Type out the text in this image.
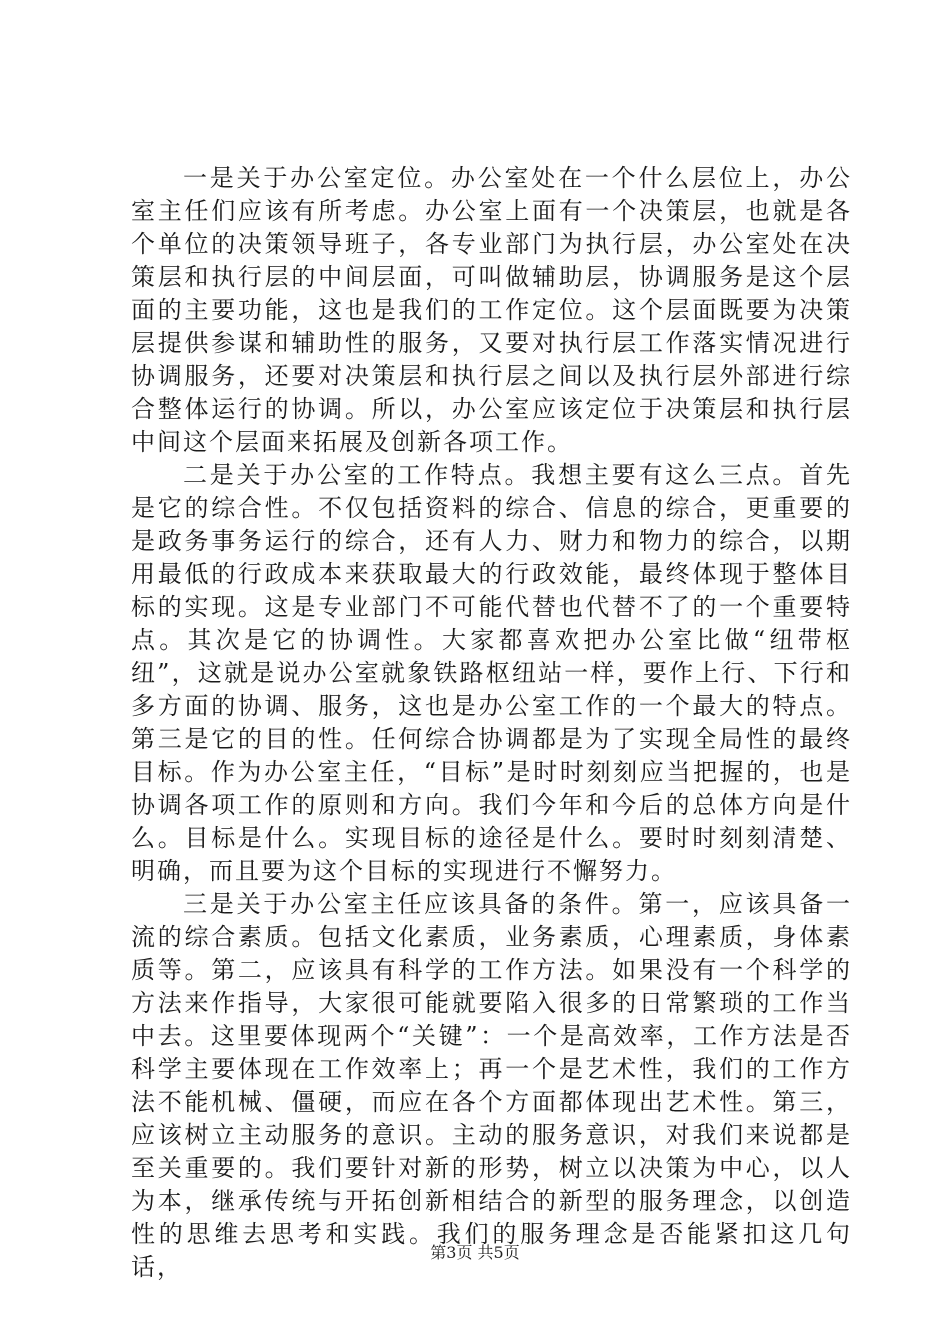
一是关于办公室定位。办公室处在一个什么层位上，办公室主任们应该有所考虑。办公室上面有一个决策层，也就是各个单位的决策领导班子，各专业部门为执行层，办公室处在决策层和执行层的中间层面，可叫做辅助层，协调服务是这个层面的主要功能，这也是我们的工作定位。这个层面既要为决策层提供参谋和辅助性的服务，又要对执行层工作落实情况进行协调服务，还要对决策层和执行层之间以及执行层外部进行综合整体运行的协调。所以，办公室应该定位于决策层和执行层中间这个层面来拓展及创新各项工作。

二是关于办公室的工作特点。我想主要有这么三点。首先是它的综合性。不仅包括资料的综合、信息的综合，更重要的是政务事务运行的综合，还有人力、财力和物力的综合，以期用最低的行政成本来获取最大的行政效能，最终体现于整体目标的实现。这是专业部门不可能代替也代替不了的一个重要特点。其次是它的协调性。大家都喜欢把办公室比做“纽带枢纽”，这就是说办公室就象铁路枢纽站一样，要作上行、下行和多方面的协调、服务，这也是办公室工作的一个最大的特点。第三是它的目的性。任何综合协调都是为了实现全局性的最终目标。作为办公室主任，“目标”是时时刻刻应当把握的，也是协调各项工作的原则和方向。我们今年和今后的总体方向是什么。目标是什么。实现目标的途径是什么。要时时刻刻清楚、明确，而且要为这个目标的实现进行不懈努力。

三是关于办公室主任应该具备的条件。第一，应该具备一流的综合素质。包括文化素质，业务素质，心理素质，身体素质等。第二，应该具有科学的工作方法。如果没有一个科学的方法来作指导，大家很可能就要陷入很多的日常繁琐的工作当中去。这里要体现两个“关键”：一个是高效率，工作方法是否科学主要体现在工作效率上；再一个是艺术性，我们的工作方法不能机械、僵硬，而应在各个方面都体现出艺术性。第三，应该树立主动服务的意识。主动的服务意识，对我们来说都是至关重要的。我们要针对新的形势，树立以决策为中心，以人为本，继承传统与开拓创新相结合的新型的服务理念，以创造性的思维去思考和实践。我们的服务理念是否能紧扣这几句话，

第3页 共5页
